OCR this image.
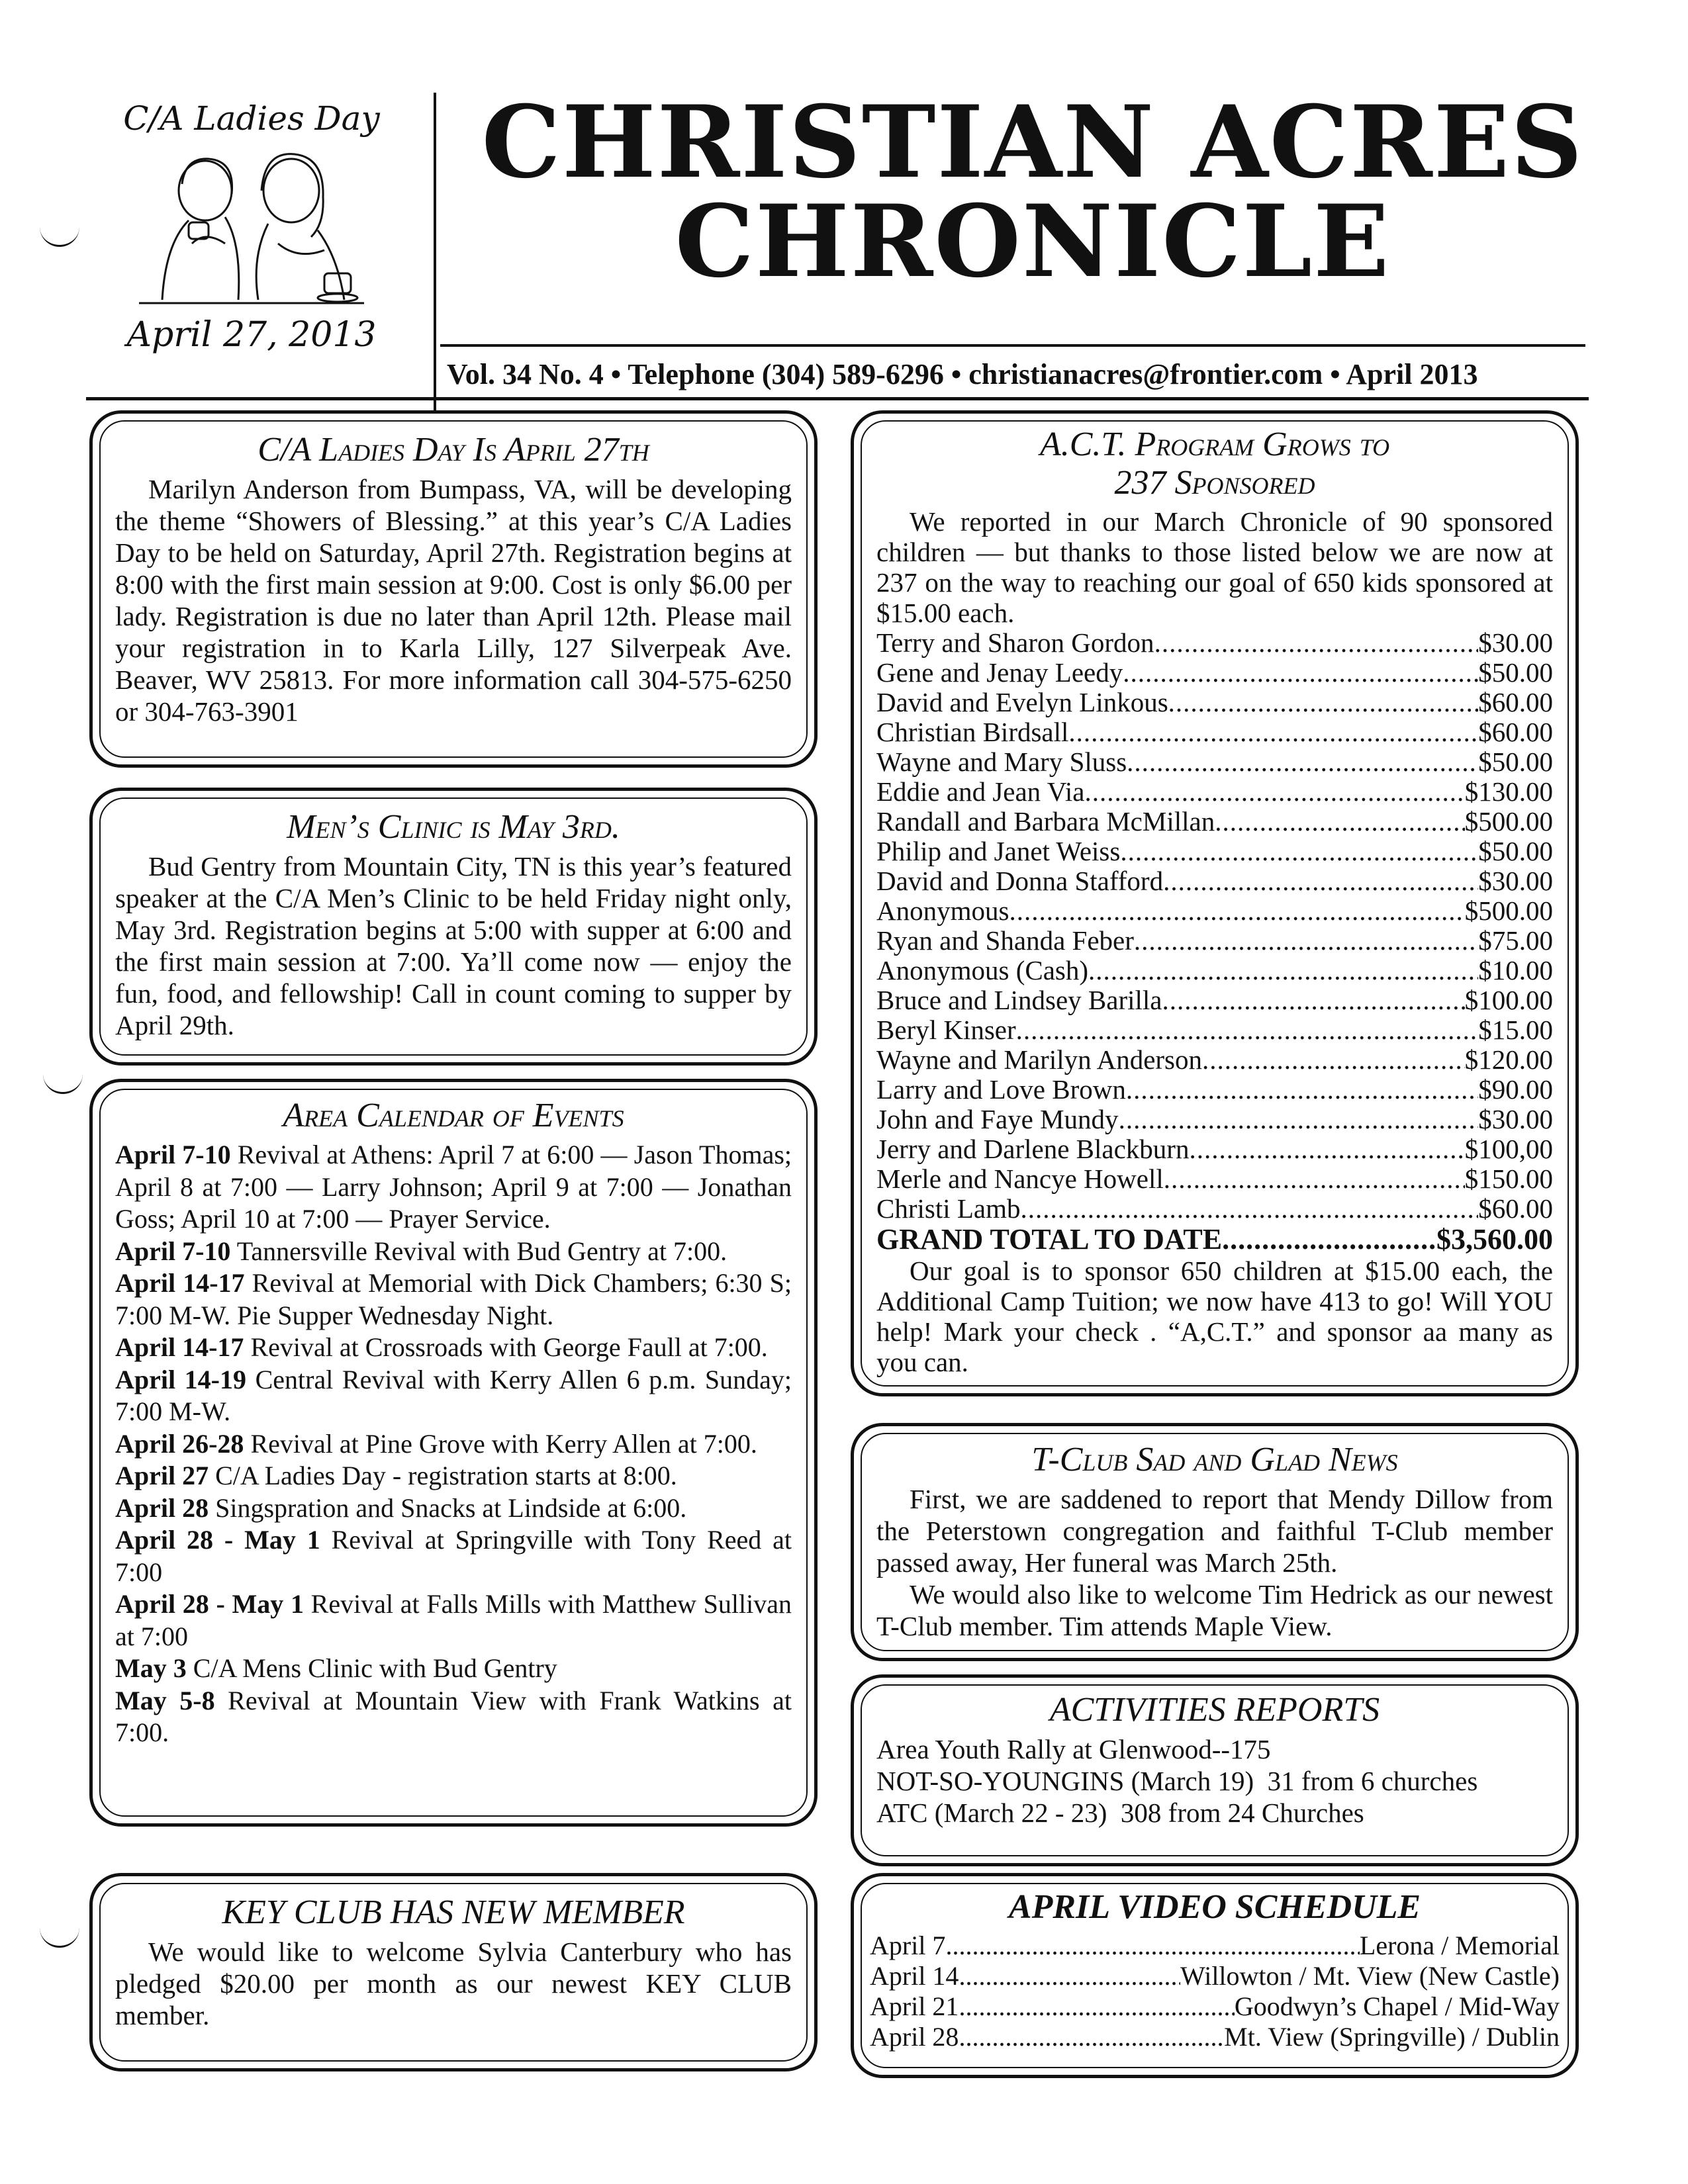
C/A Ladies Day
April 27, 2013
CHRISTIAN ACRES
CHRONICLE
Vol. 34 No. 4 • Telephone (304) 589-6296 • christianacres@frontier.com • April 2013
C/A Ladies Day Is April 27th
Marilyn Anderson from Bumpass, VA, will be developing the theme “Showers of Blessing.” at this year’s C/A Ladies Day to be held on Saturday, April 27th. Registration begins at 8:00 with the first main session at 9:00. Cost is only $6.00 per lady. Registration is due no later than April 12th. Please mail your registration in to Karla Lilly, 127 Silverpeak Ave. Beaver, WV 25813. For more information call 304-575-6250 or 304-763-3901
Men’s Clinic is May 3rd.
Bud Gentry from Mountain City, TN is this year’s featured speaker at the C/A Men’s Clinic to be held Friday night only, May 3rd. Registration begins at 5:00 with supper at 6:00 and the first main session at 7:00. Ya’ll come now — enjoy the fun, food, and fellowship! Call in count coming to supper by April 29th.
Area Calendar of Events
April 7-10 Revival at Athens: April 7 at 6:00 — Jason Thomas; April 8 at 7:00 — Larry Johnson; April 9 at 7:00 — Jonathan Goss; April 10 at 7:00 — Prayer Service.
April 7-10 Tannersville Revival with Bud Gentry at 7:00.
April 14-17 Revival at Memorial with Dick Chambers; 6:30 S; 7:00 M-W. Pie Supper Wednesday Night.
April 14-17 Revival at Crossroads with George Faull at 7:00.
April 14-19 Central Revival with Kerry Allen 6 p.m. Sunday; 7:00 M-W.
April 26-28 Revival at Pine Grove with Kerry Allen at 7:00.
April 27 C/A Ladies Day - registration starts at 8:00.
April 28 Singspration and Snacks at Lindside at 6:00.
April 28 - May 1 Revival at Springville with Tony Reed at 7:00
April 28 - May 1 Revival at Falls Mills with Matthew Sullivan at 7:00
May 3 C/A Mens Clinic with Bud Gentry
May 5-8 Revival at Mountain View with Frank Watkins at 7:00.
KEY CLUB HAS NEW MEMBER
We would like to welcome Sylvia Canterbury who has pledged $20.00 per month as our newest KEY CLUB member.
A.C.T. Program Grows to
237 Sponsored
We reported in our March Chronicle of 90 sponsored children — but thanks to those listed below we are now at 237 on the way to reaching our goal of 650 kids sponsored at $15.00 each.
Terry and Sharon Gordon .....	$30.00
Gene and Jenay Leedy .....	$50.00
David and Evelyn Linkous .....	$60.00
Christian Birdsall .....	$60.00
Wayne and Mary Sluss .....	$50.00
Eddie and Jean Via .....	$130.00
Randall and Barbara McMillan .....	$500.00
Philip and Janet Weiss .....	$50.00
David and Donna Stafford .....	$30.00
Anonymous .....	$500.00
Ryan and Shanda Feber .....	$75.00
Anonymous (Cash) .....	$10.00
Bruce and Lindsey Barilla .....	$100.00
Beryl Kinser .....	$15.00
Wayne and Marilyn Anderson .....	$120.00
Larry and Love Brown .....	$90.00
John and Faye Mundy .....	$30.00
Jerry and Darlene Blackburn .....	$100,00
Merle and Nancye Howell .....	$150.00
Christi Lamb .....	$60.00
GRAND TOTAL TO DATE .....	$3,560.00
Our goal is to sponsor 650 children at $15.00 each, the Additional Camp Tuition; we now have 413 to go! Will YOU help! Mark your check . “A,C.T.” and sponsor aa many as you can.
T-Club Sad and Glad News
First, we are saddened to report that Mendy Dillow from the Peterstown congregation and faithful T-Club member passed away, Her funeral was March 25th.
We would also like to welcome Tim Hedrick as our newest T-Club member. Tim attends Maple View.
ACTIVITIES REPORTS
Area Youth Rally at Glenwood--175
NOT-SO-YOUNGINS (March 19)  31 from 6 churches
ATC (March 22 - 23)  308 from 24 Churches
APRIL VIDEO SCHEDULE
April 7 .....	Lerona / Memorial
April 14 .....	Willowton / Mt. View (New Castle)
April 21 .....	Goodwyn’s Chapel / Mid-Way
April 28 .....	Mt. View (Springville) / Dublin
